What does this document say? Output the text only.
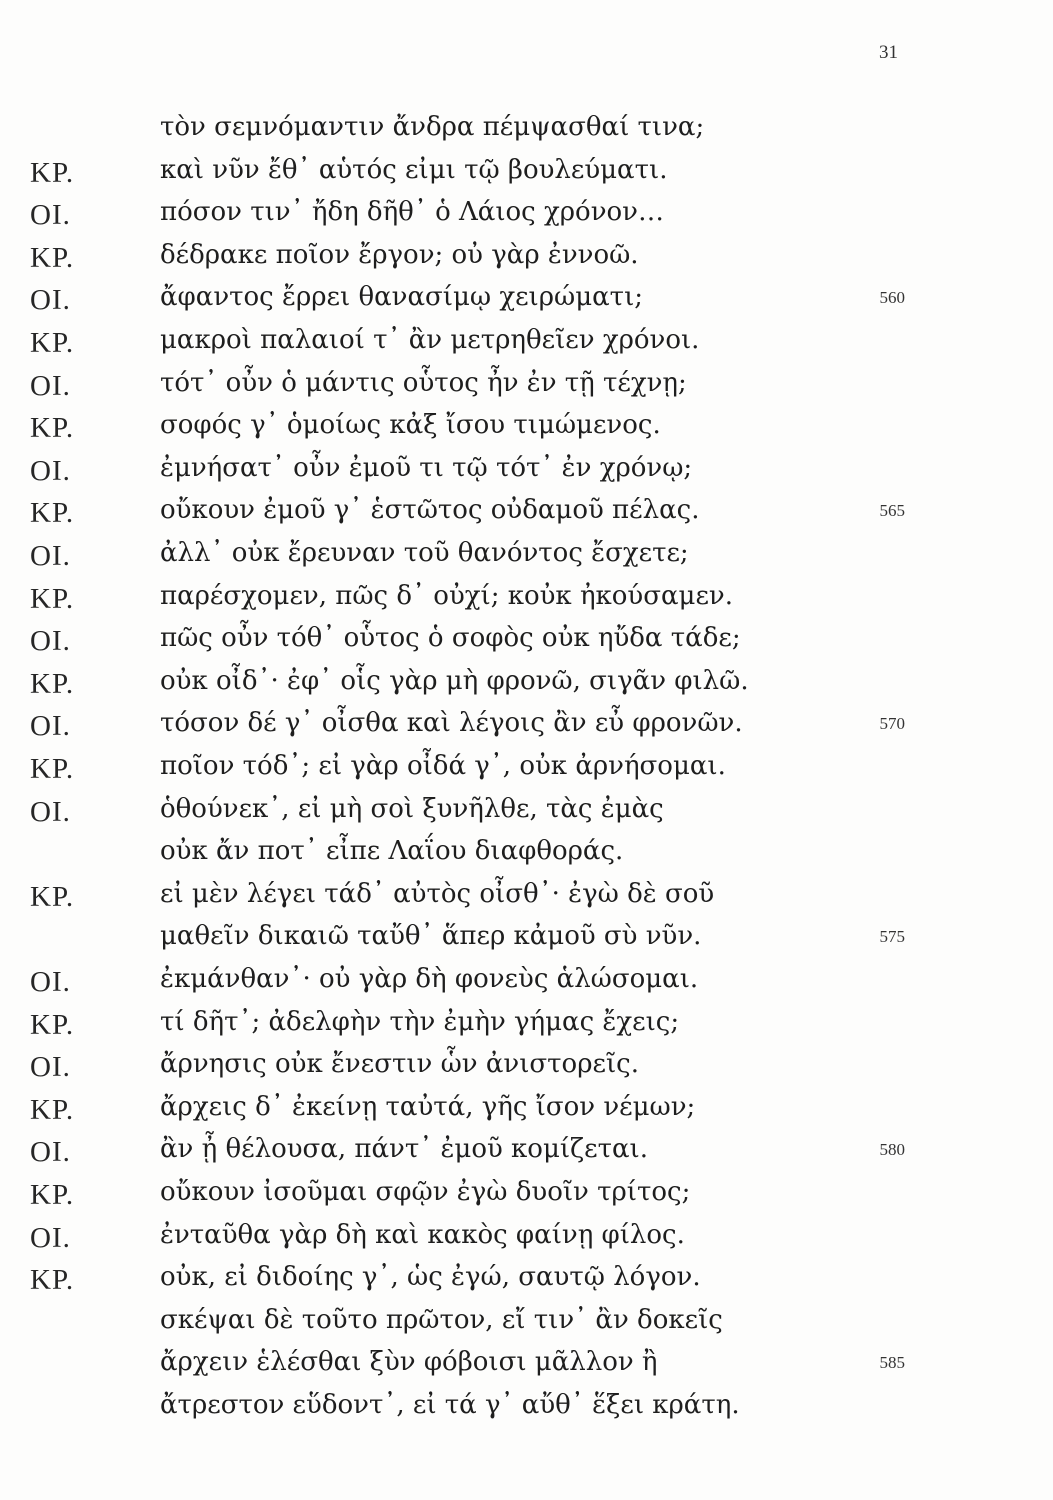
31
τὸν σεμνόμαντιν ἄνδρα πέμψασθαί τινα;
ΚΡ.	καὶ νῦν ἔθ᾽ αὑτός εἰμι τῷ βουλεύματι.
ΟΙ.	πόσον τιν᾽ ἤδη δῆθ᾽ ὁ Λάιος χρόνον…
ΚΡ.	δέδρακε ποῖον ἔργον; οὐ γὰρ ἐννοῶ.
ΟΙ.	ἄφαντος ἔρρει θανασίμῳ χειρώματι;	560
ΚΡ.	μακροὶ παλαιοί τ᾽ ἂν μετρηθεῖεν χρόνοι.
ΟΙ.	τότ᾽ οὖν ὁ μάντις οὗτος ἦν ἐν τῇ τέχνῃ;
ΚΡ.	σοφός γ᾽ ὁμοίως κἀξ ἴσου τιμώμενος.
ΟΙ.	ἐμνήσατ᾽ οὖν ἐμοῦ τι τῷ τότ᾽ ἐν χρόνῳ;
ΚΡ.	οὔκουν ἐμοῦ γ᾽ ἑστῶτος οὐδαμοῦ πέλας.	565
ΟΙ.	ἀλλ᾽ οὐκ ἔρευναν τοῦ θανόντος ἔσχετε;
ΚΡ.	παρέσχομεν, πῶς δ᾽ οὐχί; κοὐκ ἠκούσαμεν.
ΟΙ.	πῶς οὖν τόθ᾽ οὗτος ὁ σοφὸς οὐκ ηὔδα τάδε;
ΚΡ.	οὐκ οἶδ᾽· ἐφ᾽ οἷς γὰρ μὴ φρονῶ, σιγᾶν φιλῶ.
ΟΙ.	τόσον δέ γ᾽ οἶσθα καὶ λέγοις ἂν εὖ φρονῶν.	570
ΚΡ.	ποῖον τόδ᾽; εἰ γὰρ οἶδά γ᾽, οὐκ ἀρνήσομαι.
ΟΙ.	ὁθούνεκ᾽, εἰ μὴ σοὶ ξυνῆλθε, τὰς ἐμὰς
οὐκ ἄν ποτ᾽ εἶπε Λαΐου διαφθοράς.
ΚΡ.	εἰ μὲν λέγει τάδ᾽ αὐτὸς οἶσθ᾽· ἐγὼ δὲ σοῦ
μαθεῖν δικαιῶ ταὔθ᾽ ἅπερ κἀμοῦ σὺ νῦν.	575
ΟΙ.	ἐκμάνθαν᾽· οὐ γὰρ δὴ φονεὺς ἁλώσομαι.
ΚΡ.	τί δῆτ᾽; ἀδελφὴν τὴν ἐμὴν γήμας ἔχεις;
ΟΙ.	ἄρνησις οὐκ ἔνεστιν ὧν ἀνιστορεῖς.
ΚΡ.	ἄρχεις δ᾽ ἐκείνῃ ταὐτά, γῆς ἴσον νέμων;
ΟΙ.	ἂν ᾖ θέλουσα, πάντ᾽ ἐμοῦ κομίζεται.	580
ΚΡ.	οὔκουν ἰσοῦμαι σφῷν ἐγὼ δυοῖν τρίτος;
ΟΙ.	ἐνταῦθα γὰρ δὴ καὶ κακὸς φαίνῃ φίλος.
ΚΡ.	οὐκ, εἰ διδοίης γ᾽, ὡς ἐγώ, σαυτῷ λόγον.
σκέψαι δὲ τοῦτο πρῶτον, εἴ τιν᾽ ἂν δοκεῖς
ἄρχειν ἑλέσθαι ξὺν φόβοισι μᾶλλον ἢ	585
ἄτρεστον εὕδοντ᾽, εἰ τά γ᾽ αὔθ᾽ ἕξει κράτη.
